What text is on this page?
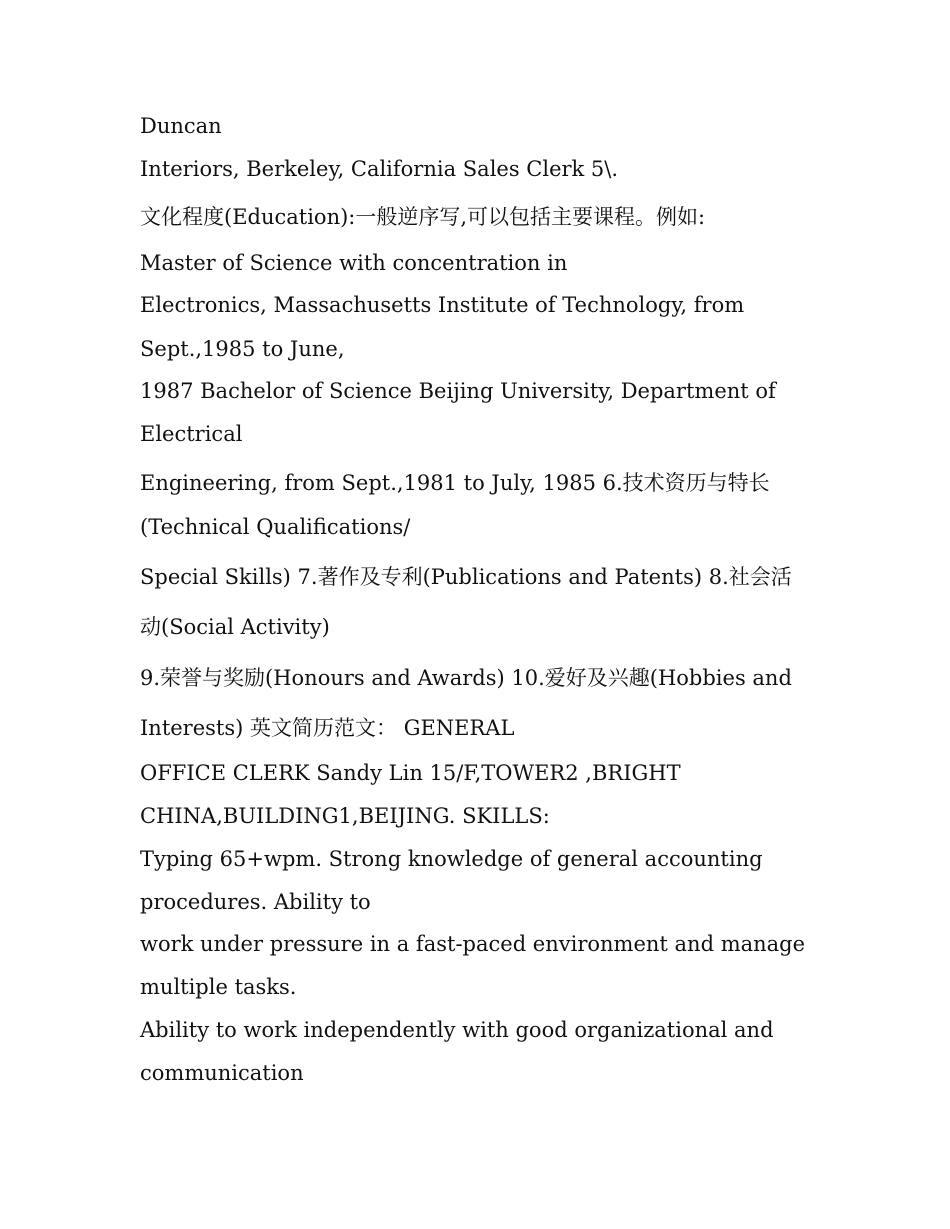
Duncan

Interiors, Berkeley, California Sales Clerk 5\.

文化程度(Education):一般逆序写,可以包括主要课程。例如:

Master of Science with concentration in

Electronics, Massachusetts Institute of Technology, from

Sept.,1985 to June,

1987 Bachelor of Science Beijing University, Department of

Electrical

Engineering, from Sept.,1981 to July, 1985 6.技术资历与特长

(Technical Qualifications/

Special Skills) 7.著作及专利(Publications and Patents) 8.社会活

动(Social Activity)

9.荣誉与奖励(Honours and Awards) 10.爱好及兴趣(Hobbies and

Interests) 英文简历范文： GENERAL

OFFICE CLERK Sandy Lin 15/F,TOWER2 ,BRIGHT

CHINA,BUILDING1,BEIJING. SKILLS:

Typing 65+wpm. Strong knowledge of general accounting

procedures. Ability to

work under pressure in a fast-paced environment and manage

multiple tasks.

Ability to work independently with good organizational and

communication
